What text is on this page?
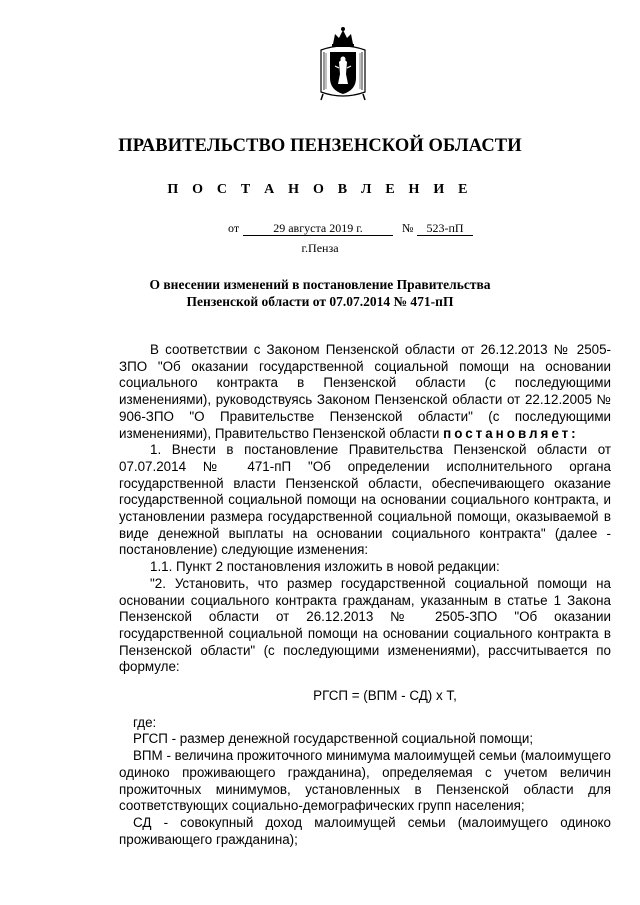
ПРАВИТЕЛЬСТВО ПЕНЗЕНСКОЙ ОБЛАСТИ
П О С Т А Н О В Л Е Н И Е
от	29 августа 2019 г.	№	523-пП
г.Пенза
О внесении изменений в постановление Правительства
Пензенской области от 07.07.2014 № 471-пП

В соответствии с Законом Пензенской области от 26.12.2013 № 2505-ЗПО "Об оказании государственной социальной помощи на основании социального контракта в Пензенской области (с последующими изменениями), руководствуясь Законом Пензенской области от 22.12.2005 № 906-ЗПО "О Правительстве Пензенской области" (с последующими изменениями), Правительство Пензенской области постановляет:

1. Внести в постановление Правительства Пензенской области от 07.07.2014 № 471-пП "Об определении исполнительного органа государственной власти Пензенской области, обеспечивающего оказание государственной социальной помощи на основании социального контракта, и установлении размера государственной социальной помощи, оказываемой в виде денежной выплаты на основании социального контракта" (далее - постановление) следующие изменения:

1.1. Пункт 2 постановления изложить в новой редакции:

"2. Установить, что размер государственной социальной помощи на основании социального контракта гражданам, указанным в статье 1 Закона Пензенской области от 26.12.2013 № 2505-ЗПО "Об оказании государственной социальной помощи на основании социального контракта в Пензенской области" (с последующими изменениями), рассчитывается по формуле:

РГСП = (ВПМ - СД) х Т,

где:

РГСП - размер денежной государственной социальной помощи;

ВПМ - величина прожиточного минимума малоимущей семьи (малоимущего одиноко проживающего гражданина), определяемая с учетом величин прожиточных минимумов, установленных в Пензенской области для соответствующих социально-демографических групп населения;

СД - совокупный доход малоимущей семьи (малоимущего одиноко проживающего гражданина);
